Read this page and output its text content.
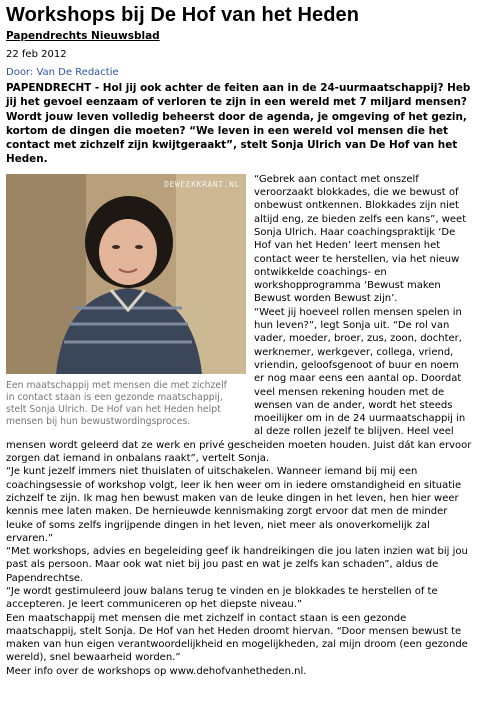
Workshops bij De Hof van het Heden
Papendrechts Nieuwsblad
22 feb 2012
Door: Van De Redactie
PAPENDRECHT - Hol jij ook achter de feiten aan in de 24-uurmaatschappij? Heb jij het gevoel eenzaam of verloren te zijn in een wereld met 7 miljard mensen? Wordt jouw leven volledig beheerst door de agenda, je omgeving of het gezin, kortom de dingen die moeten? “We leven in een wereld vol mensen die het contact met zichzelf zijn kwijtgeraakt”, stelt Sonja Ulrich van De Hof van het Heden.
DEWEEKKRANT.NL
Een maatschappij met mensen die met zichzelf in contact staan is een gezonde maatschappij, stelt Sonja Ulrich. De Hof van het Heden helpt mensen bij hun bewustwordingsproces.

“Gebrek aan contact met onszelf veroorzaakt blokkades, die we bewust of onbewust ontkennen. Blokkades zijn niet altijd eng, ze bieden zelfs een kans”, weet Sonja Ulrich. Haar coachingspraktijk ‘De Hof van het Heden’ leert mensen het contact weer te herstellen, via het nieuw ontwikkelde coachings- en workshopprogramma ‘Bewust maken Bewust worden Bewust zijn’.

“Weet jij hoeveel rollen mensen spelen in hun leven?”, legt Sonja uit. “De rol van vader, moeder, broer, zus, zoon, dochter, werknemer, werkgever, collega, vriend, vriendin, geloofsgenoot of buur en noem er nog maar eens een aantal op. Doordat veel mensen rekening houden met de wensen van de ander, wordt het steeds moeilijker om in de 24 uurmaatschappij in al deze rollen jezelf te blijven. Heel veel mensen wordt geleerd dat ze werk en privé gescheiden moeten houden. Juist dát kan ervoor zorgen dat iemand in onbalans raakt”, vertelt Sonja.

“Je kunt jezelf immers niet thuislaten of uitschakelen. Wanneer iemand bij mij een coachingsessie of workshop volgt, leer ik hen weer om in iedere omstandigheid en situatie zichzelf te zijn. Ik mag hen bewust maken van de leuke dingen in het leven, hen hier weer kennis mee laten maken. De hernieuwde kennismaking zorgt ervoor dat men de minder leuke of soms zelfs ingrijpende dingen in het leven, niet meer als onoverkomelijk zal ervaren.”

“Met workshops, advies en begeleiding geef ik handreikingen die jou laten inzien wat bij jou past als persoon. Maar ook wat niet bij jou past en wat je zelfs kan schaden”, aldus de Papendrechtse.

“Je wordt gestimuleerd jouw balans terug te vinden en je blokkades te herstellen of te accepteren. Je leert communiceren op het diepste niveau.”

Een maatschappij met mensen die met zichzelf in contact staan is een gezonde maatschappij, stelt Sonja. De Hof van het Heden droomt hiervan. “Door mensen bewust te maken van hun eigen verantwoordelijkheid en mogelijkheden, zal mijn droom (een gezonde wereld), snel bewaarheid worden.”

Meer info over de workshops op www.dehofvanhetheden.nl.
